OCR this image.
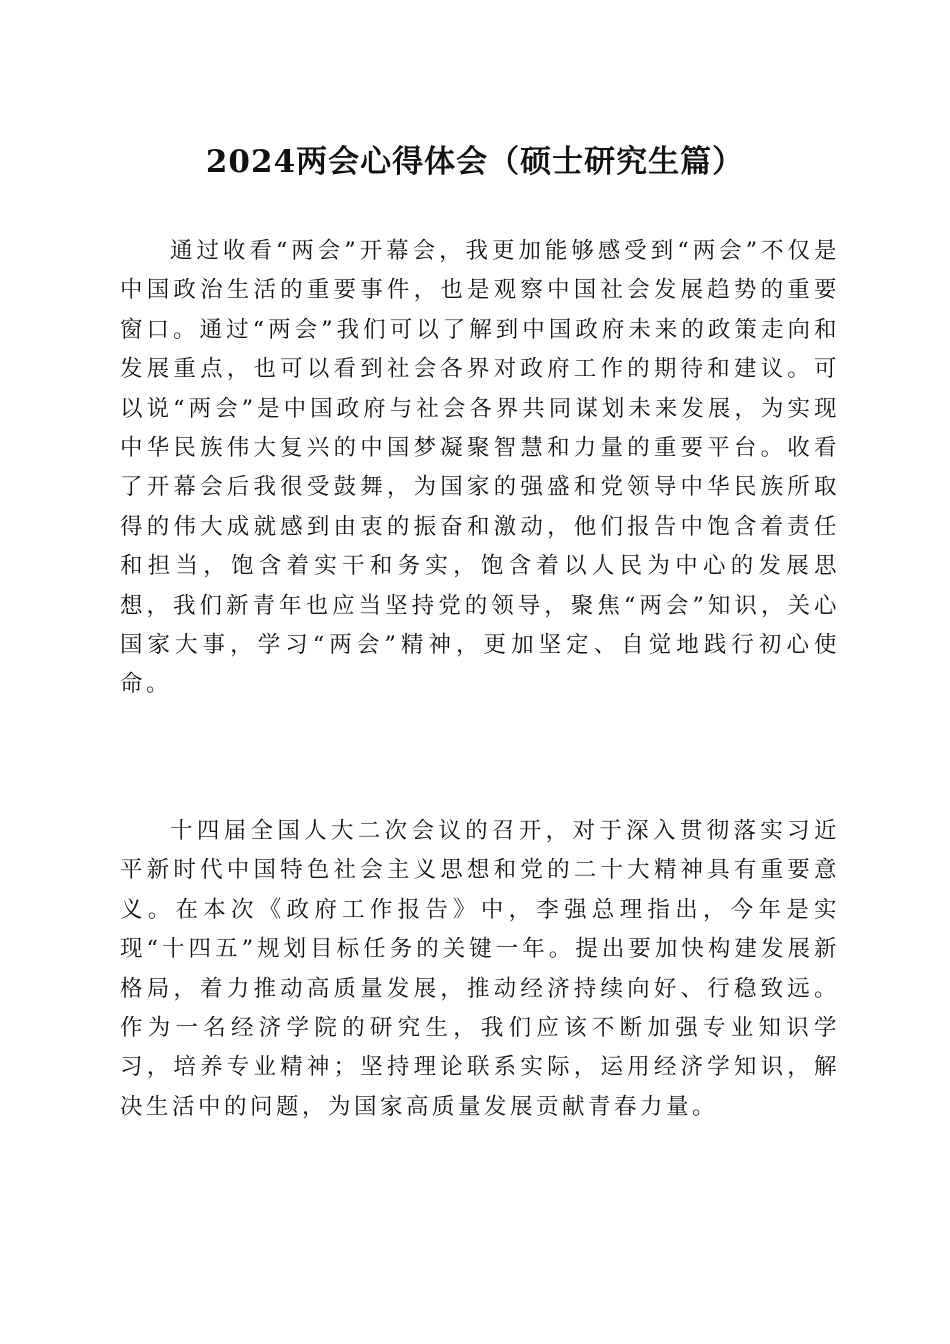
2024两会心得体会（硕士研究生篇）

通过收看“两会”开幕会，我更加能够感受到“两会”不仅是中国政治生活的重要事件，也是观察中国社会发展趋势的重要窗口。通过“两会”我们可以了解到中国政府未来的政策走向和发展重点，也可以看到社会各界对政府工作的期待和建议。可以说“两会”是中国政府与社会各界共同谋划未来发展，为实现中华民族伟大复兴的中国梦凝聚智慧和力量的重要平台。收看了开幕会后我很受鼓舞，为国家的强盛和党领导中华民族所取得的伟大成就感到由衷的振奋和激动，他们报告中饱含着责任和担当，饱含着实干和务实，饱含着以人民为中心的发展思想，我们新青年也应当坚持党的领导，聚焦“两会”知识，关心国家大事，学习“两会”精神，更加坚定、自觉地践行初心使命。

十四届全国人大二次会议的召开，对于深入贯彻落实习近平新时代中国特色社会主义思想和党的二十大精神具有重要意义。在本次《政府工作报告》中，李强总理指出，今年是实现“十四五”规划目标任务的关键一年。提出要加快构建发展新格局，着力推动高质量发展，推动经济持续向好、行稳致远。作为一名经济学院的研究生，我们应该不断加强专业知识学习，培养专业精神；坚持理论联系实际，运用经济学知识，解决生活中的问题，为国家高质量发展贡献青春力量。
